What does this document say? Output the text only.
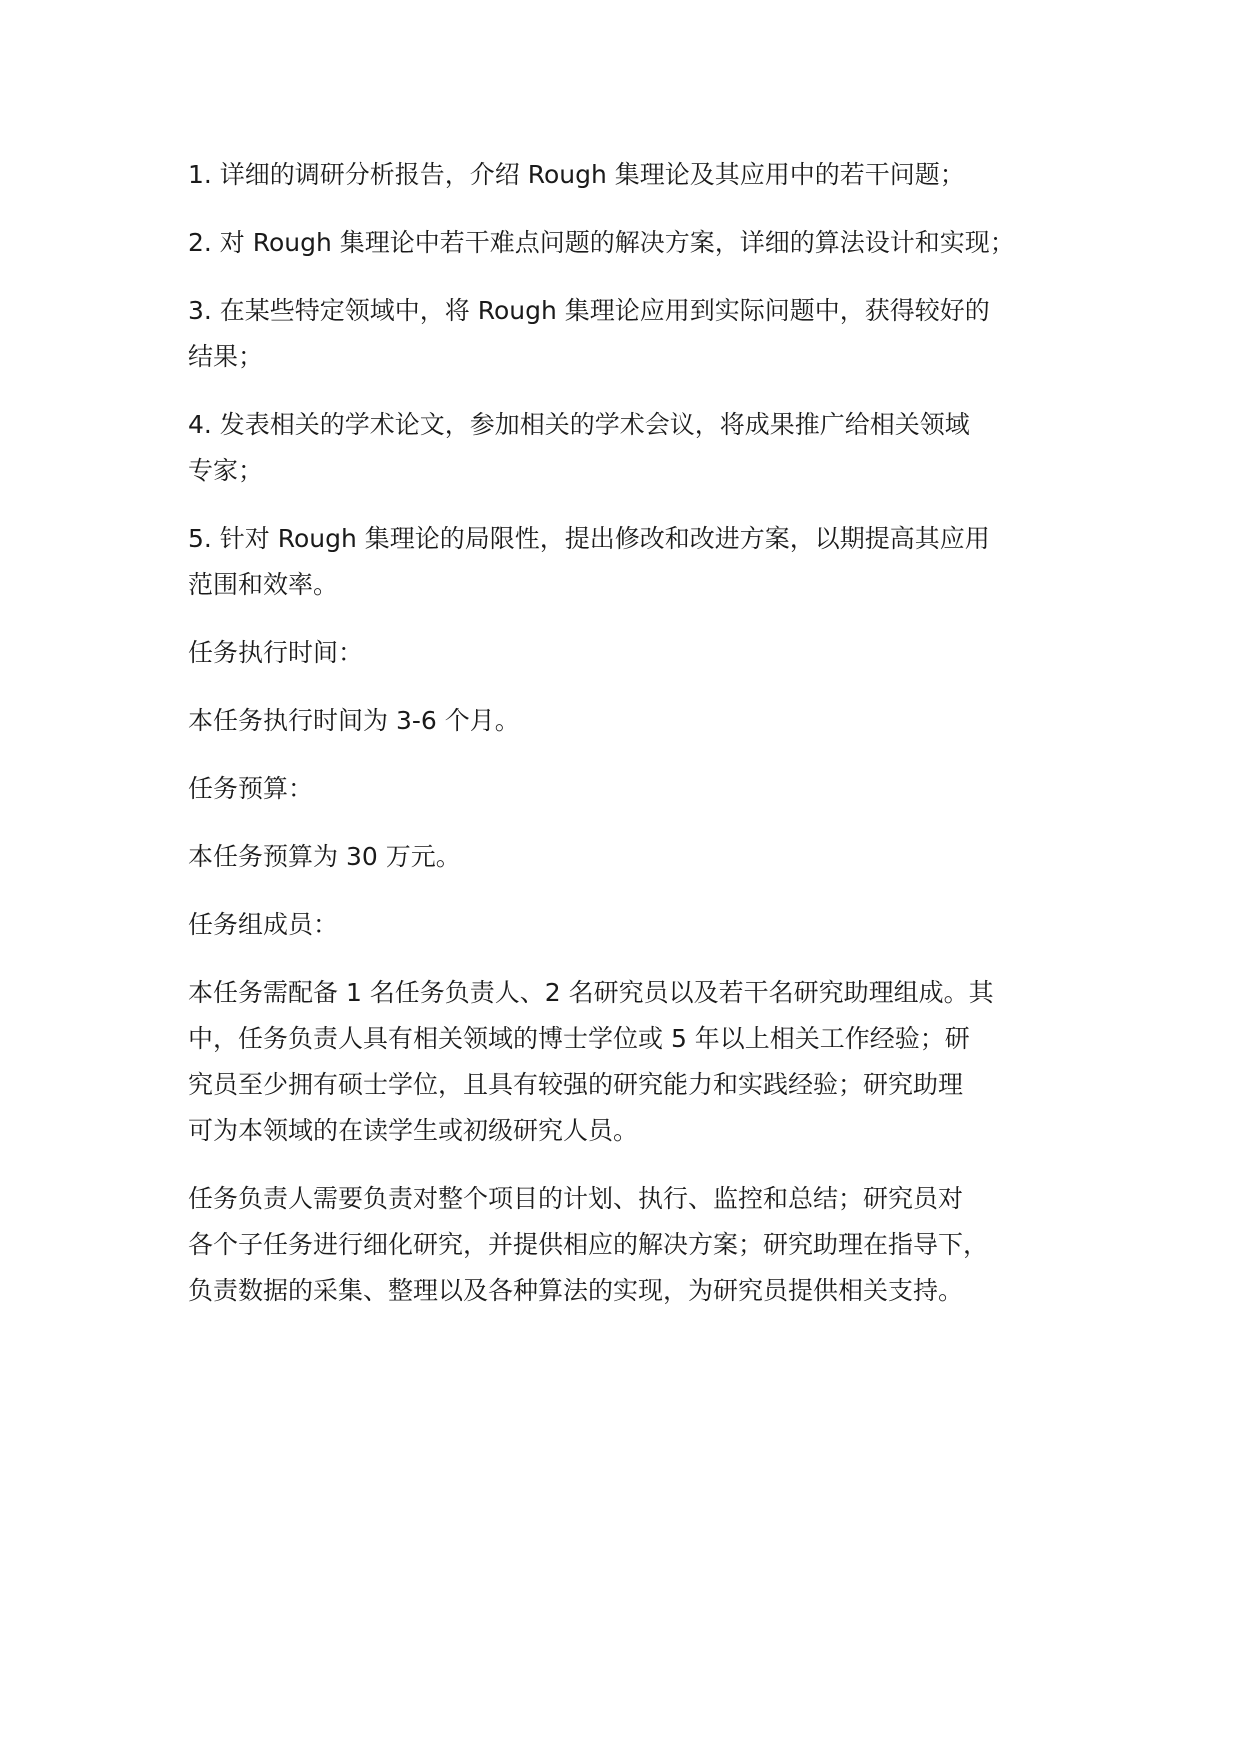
1. 详细的调研分析报告，介绍 Rough 集理论及其应用中的若干问题；

2. 对 Rough 集理论中若干难点问题的解决方案，详细的算法设计和实现；

3. 在某些特定领域中，将 Rough 集理论应用到实际问题中，获得较好的
结果；

4. 发表相关的学术论文，参加相关的学术会议，将成果推广给相关领域
专家；

5. 针对 Rough 集理论的局限性，提出修改和改进方案，以期提高其应用
范围和效率。

任务执行时间：

本任务执行时间为 3-6 个月。

任务预算：

本任务预算为 30 万元。

任务组成员：

本任务需配备 1 名任务负责人、2 名研究员以及若干名研究助理组成。其
中，任务负责人具有相关领域的博士学位或 5 年以上相关工作经验；研
究员至少拥有硕士学位，且具有较强的研究能力和实践经验；研究助理
可为本领域的在读学生或初级研究人员。

任务负责人需要负责对整个项目的计划、执行、监控和总结；研究员对
各个子任务进行细化研究，并提供相应的解决方案；研究助理在指导下，
负责数据的采集、整理以及各种算法的实现，为研究员提供相关支持。
